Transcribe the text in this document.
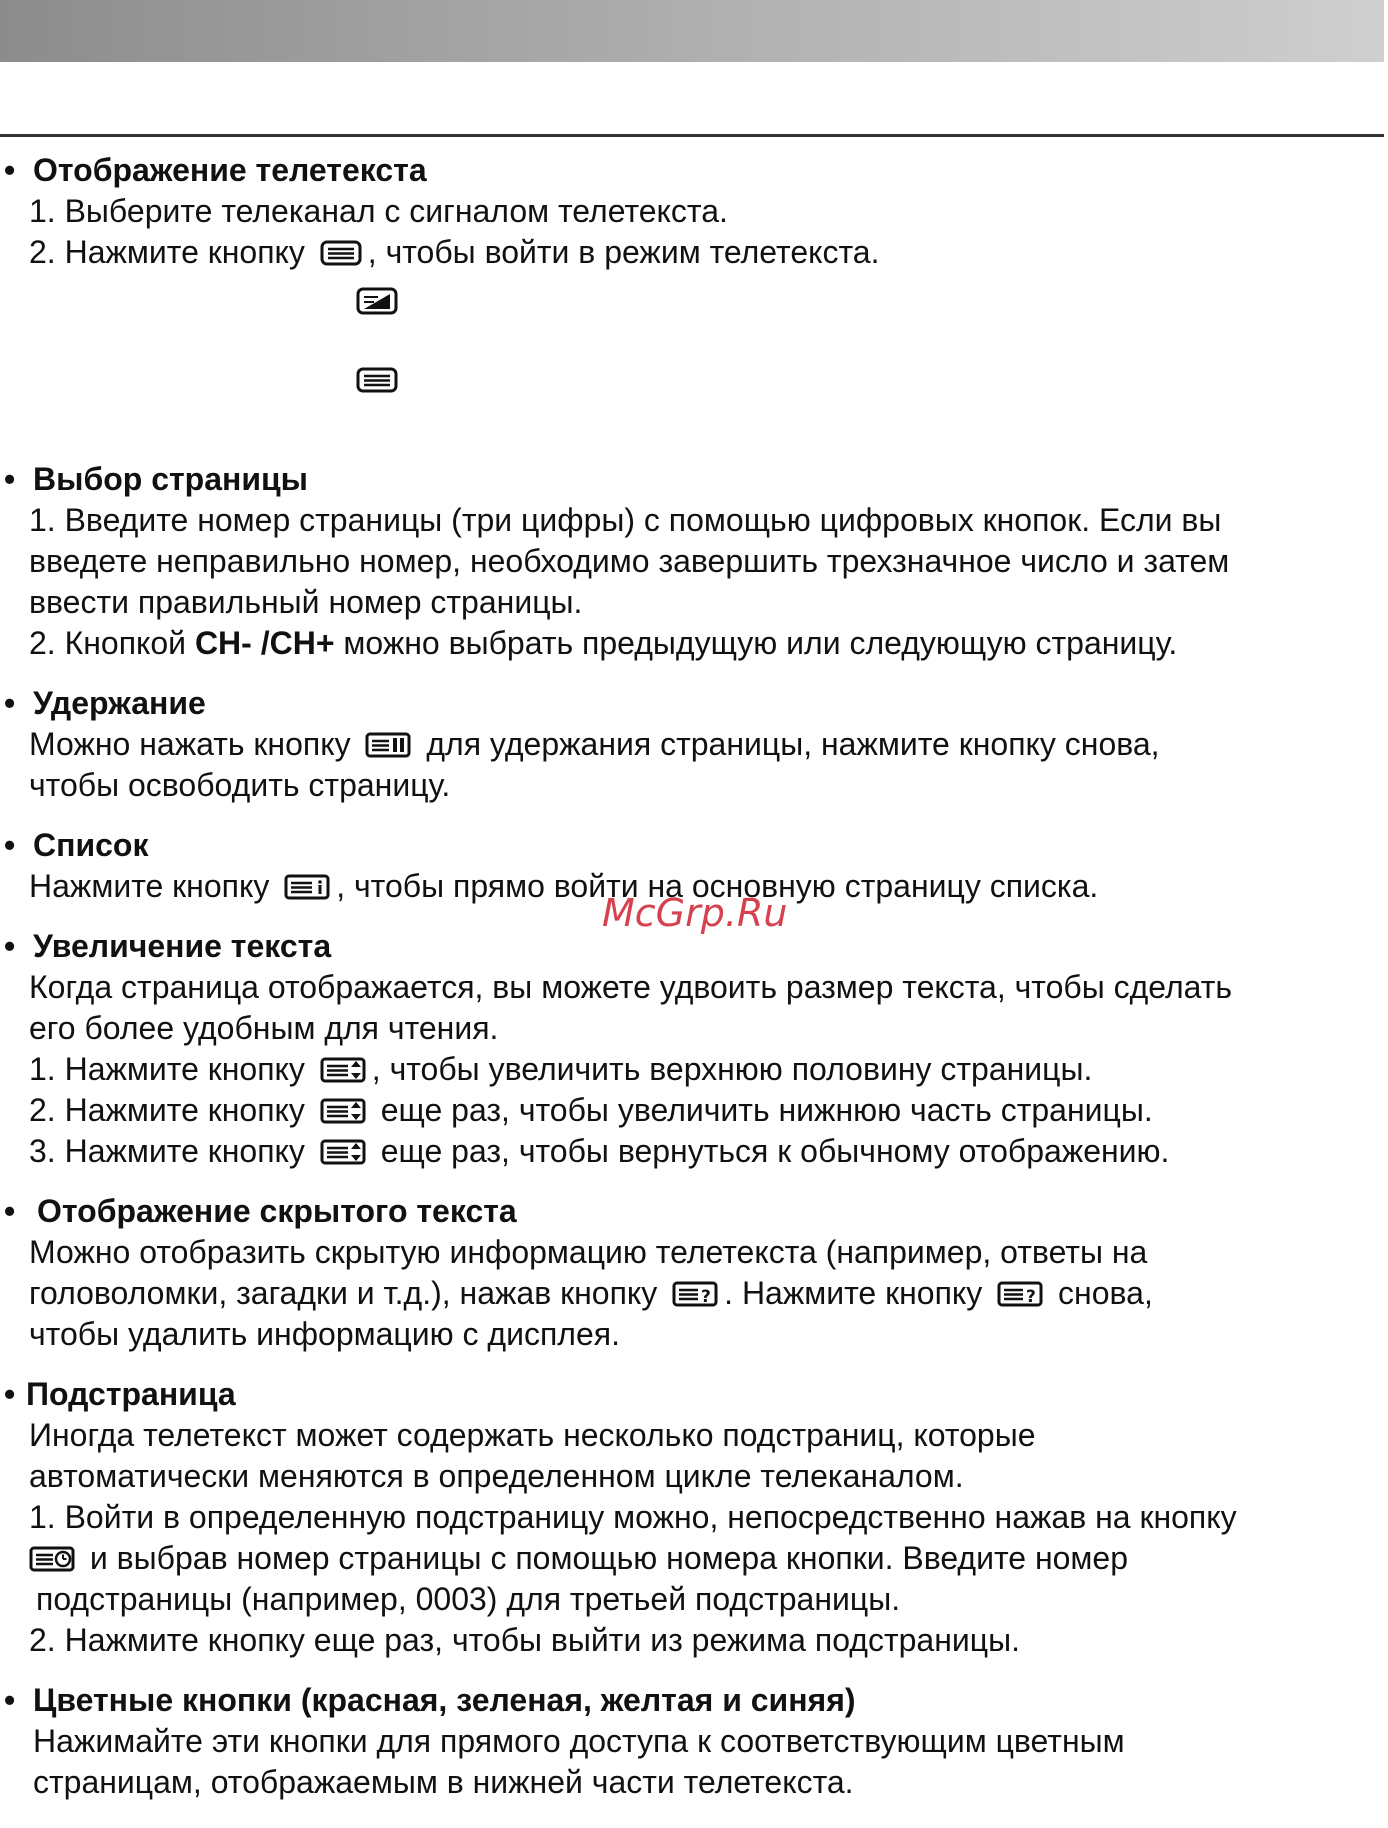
• Отображение телетекста
1. Выберите телеканал с сигналом телетекста.
2. Нажмите кнопку
, чтобы войти в режим телетекста.
• Выбор страницы
1. Введите номер страницы (три цифры) с помощью цифровых кнопок. Если вы
введете неправильно номер, необходимо завершить трехзначное число и затем
ввести правильный номер страницы.
2. Кнопкой CH- /CH+ можно выбрать предыдущую или следующую страницу.
• Удержание
Можно нажать кнопку
для удержания страницы, нажмите кнопку снова,
чтобы освободить страницу.
• Список
Нажмите кнопку
, чтобы прямо войти на основную страницу списка.
• Увеличение текста
Когда страница отображается, вы можете удвоить размер текста, чтобы сделать
его более удобным для чтения.
1. Нажмите кнопку
, чтобы увеличить верхнюю половину страницы.
2. Нажмите кнопку
еще раз, чтобы увеличить нижнюю часть страницы.
3. Нажмите кнопку
еще раз, чтобы вернуться к обычному отображению.
• Отображение скрытого текста
Можно отобразить скрытую информацию телетекста (например, ответы на
головоломки, загадки и т.д.), нажав кнопку ? . Нажмите кнопку ? снова,
чтобы удалить информацию с дисплея.
• Подстраница
Иногда телетекст может содержать несколько подстраниц, которые
автоматически меняются в определенном цикле телеканалом.
1. Войти в определенную подстраницу можно, непосредственно нажав на кнопку
и выбрав номер страницы с помощью номера кнопки. Введите номер
подстраницы (например, 0003) для третьей подстраницы.
2. Нажмите кнопку еще раз, чтобы выйти из режима подстраницы.
• Цветные кнопки (красная, зеленая, желтая и синяя)
Нажимайте эти кнопки для прямого доступа к соответствующим цветным
страницам, отображаемым в нижней части телетекста.
McGrp.Ru
